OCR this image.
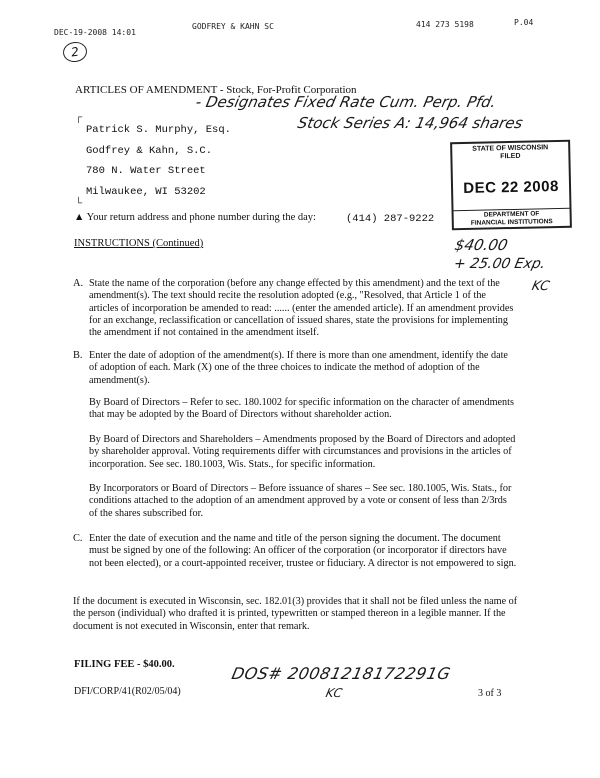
DEC-19-2008 14:01
GODFREY & KAHN SC	414 273 5198	P.04
2
ARTICLES OF AMENDMENT - Stock, For-Profit Corporation
- Designates Fixed Rate Cum. Perp. Pfd.
Stock Series A: 14,964 shares
┌
└
Patrick S. Murphy, Esq.
Godfrey & Kahn, S.C.
780 N. Water Street
Milwaukee, WI 53202
STATE OF WISCONSIN
FILED
DEC 22 2008
DEPARTMENT OF
FINANCIAL INSTITUTIONS
▲ Your return address and phone number during the day:	(414) 287-9222
$40.00
+ 25.00 Exp.
KC
INSTRUCTIONS (Continued)
A. State the name of the corporation (before any change effected by this amendment) and the text of the amendment(s). The text should recite the resolution adopted (e.g., "Resolved, that Article 1 of the articles of incorporation be amended to read: ...... (enter the amended article). If an amendment provides for an exchange, reclassification or cancellation of issued shares, state the provisions for implementing the amendment if not contained in the amendment itself.
B. Enter the date of adoption of the amendment(s). If there is more than one amendment, identify the date of adoption of each. Mark (X) one of the three choices to indicate the method of adoption of the amendment(s).
By Board of Directors – Refer to sec. 180.1002 for specific information on the character of amendments that may be adopted by the Board of Directors without shareholder action.
By Board of Directors and Shareholders – Amendments proposed by the Board of Directors and adopted by shareholder approval. Voting requirements differ with circumstances and provisions in the articles of incorporation. See sec. 180.1003, Wis. Stats., for specific information.
By Incorporators or Board of Directors – Before issuance of shares – See sec. 180.1005, Wis. Stats., for conditions attached to the adoption of an amendment approved by a vote or consent of less than 2/3rds of the shares subscribed for.
C. Enter the date of execution and the name and title of the person signing the document. The document must be signed by one of the following: An officer of the corporation (or incorporator if directors have not been elected), or a court-appointed receiver, trustee or fiduciary. A director is not empowered to sign.
If the document is executed in Wisconsin, sec. 182.01(3) provides that it shall not be filed unless the name of the person (individual) who drafted it is printed, typewritten or stamped thereon in a legible manner. If the document is not executed in Wisconsin, enter that remark.
FILING FEE - $40.00.	DOS# 20081218172291G
KC
DFI/CORP/41(R02/05/04)	3 of 3
